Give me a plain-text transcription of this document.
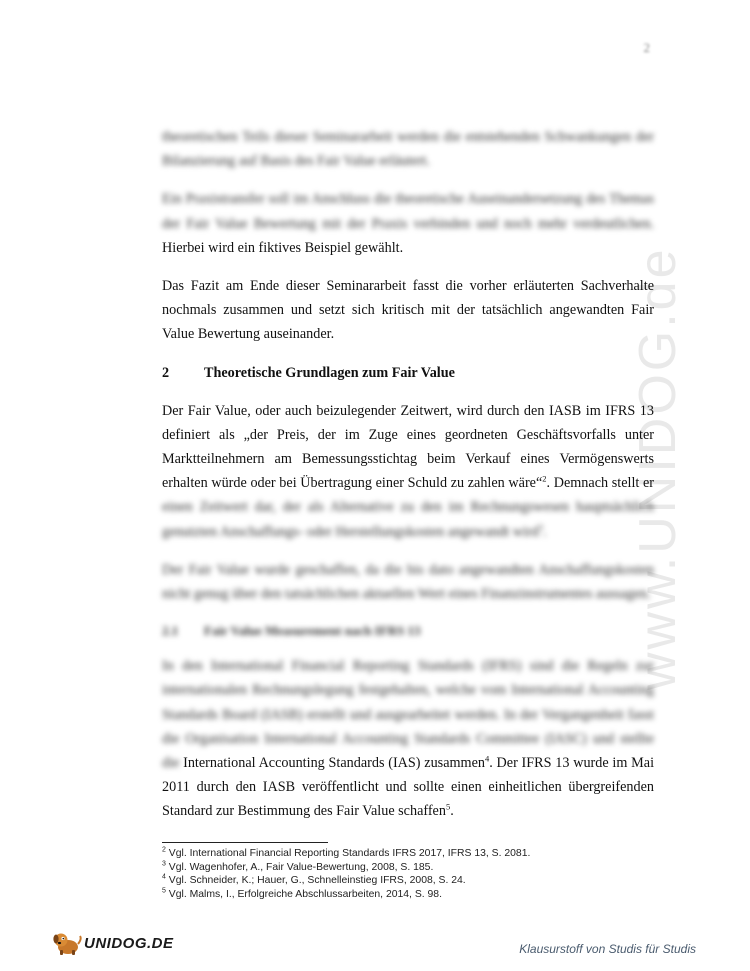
2
www.UNIDOG.de

theoretischen Teils dieser Seminararbeit werden die entstehenden Schwankungen der Bilanzierung auf Basis des Fair Value erläutert.

Ein Praxistransfer soll im Anschluss die theoretische Auseinandersetzung des Themas der Fair Value Bewertung mit der Praxis verbinden und noch mehr verdeutlichen. Hierbei wird ein fiktives Beispiel gewählt.

Das Fazit am Ende dieser Seminararbeit fasst die vorher erläuterten Sachverhalte nochmals zusammen und setzt sich kritisch mit der tatsächlich angewandten Fair Value Bewertung auseinander.

2	Theoretische Grundlagen zum Fair Value

Der Fair Value, oder auch beizulegender Zeitwert, wird durch den IASB im IFRS 13 definiert als „der Preis, der im Zuge eines geordneten Geschäftsvorfalls unter Marktteilnehmern am Bemessungsstichtag beim Verkauf eines Vermögenswerts erhalten würde oder bei Übertragung einer Schuld zu zahlen wäre“$^2$. Demnach stellt er einen Zeitwert dar, der als Alternative zu den im Rechnungswesen hauptsächlich genutzten Anschaffungs- oder Herstellungskosten angewandt wird$^3$.

Der Fair Value wurde geschaffen, da die bis dato angewandten Anschaffungskosten nicht genug über den tatsächlichen aktuellen Wert eines Finanzinstrumentes aussagen.

2.1	Fair Value Measurement nach IFRS 13

In den International Financial Reporting Standards (IFRS) sind die Regeln zur internationalen Rechnungslegung festgehalten, welche vom International Accounting Standards Board (IASB) erstellt und ausgearbeitet werden. In der Vergangenheit fasst die Organisation International Accounting Standards Committee (IASC) und stellte die International Accounting Standards (IAS) zusammen$^4$. Der IFRS 13 wurde im Mai 2011 durch den IASB veröffentlicht und sollte einen einheitlichen übergreifenden Standard zur Bestimmung des Fair Value schaffen$^5$.

$^2$ Vgl. International Financial Reporting Standards IFRS 2017, IFRS 13, S. 2081.
$^3$ Vgl. Wagenhofer, A., Fair Value-Bewertung, 2008, S. 185.
$^4$ Vgl. Schneider, K.; Hauer, G., Schnelleinstieg IFRS, 2008, S. 24.
$^5$ Vgl. Malms, I., Erfolgreiche Abschlussarbeiten, 2014, S. 98.
UNIDOG.DE	Klausurstoff von Studis für Studis
